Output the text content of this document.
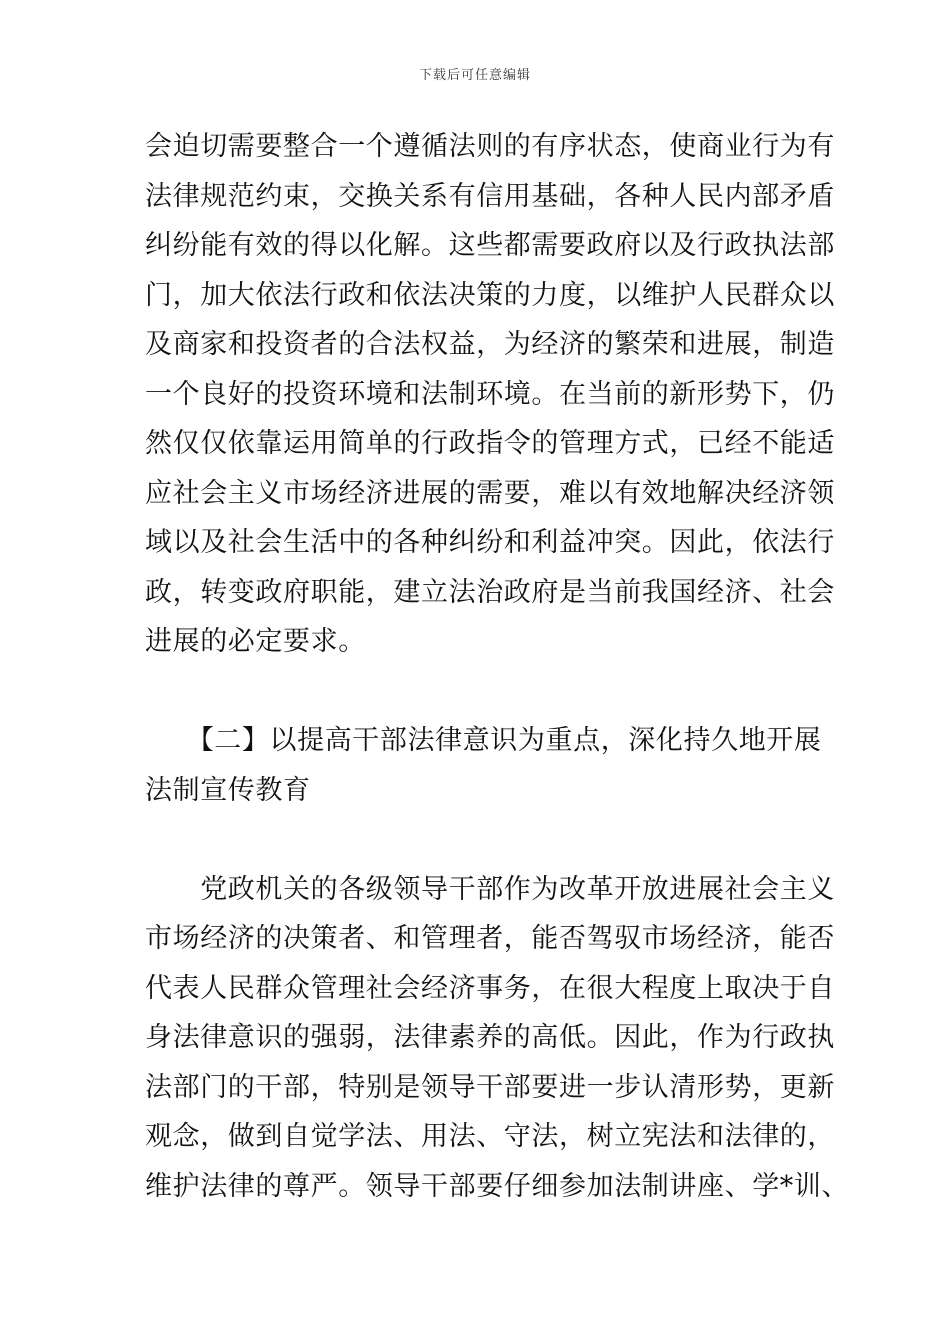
下载后可任意编辑
会迫切需要整合一个遵循法则的有序状态，使商业行为有
法律规范约束，交换关系有信用基础，各种人民内部矛盾
纠纷能有效的得以化解。这些都需要政府以及行政执法部
门，加大依法行政和依法决策的力度，以维护人民群众以
及商家和投资者的合法权益，为经济的繁荣和进展，制造
一个良好的投资环境和法制环境。在当前的新形势下，仍
然仅仅依靠运用简单的行政指令的管理方式，已经不能适
应社会主义市场经济进展的需要，难以有效地解决经济领
域以及社会生活中的各种纠纷和利益冲突。因此，依法行
政，转变政府职能，建立法治政府是当前我国经济、社会
进展的必定要求。
　　【二】以提高干部法律意识为重点，深化持久地开展
法制宣传教育
　　党政机关的各级领导干部作为改革开放进展社会主义
市场经济的决策者、和管理者，能否驾驭市场经济，能否
代表人民群众管理社会经济事务，在很大程度上取决于自
身法律意识的强弱，法律素养的高低。因此，作为行政执
法部门的干部，特别是领导干部要进一步认清形势，更新
观念，做到自觉学法、用法、守法，树立宪法和法律的，
维护法律的尊严。领导干部要仔细参加法制讲座、学*训、
